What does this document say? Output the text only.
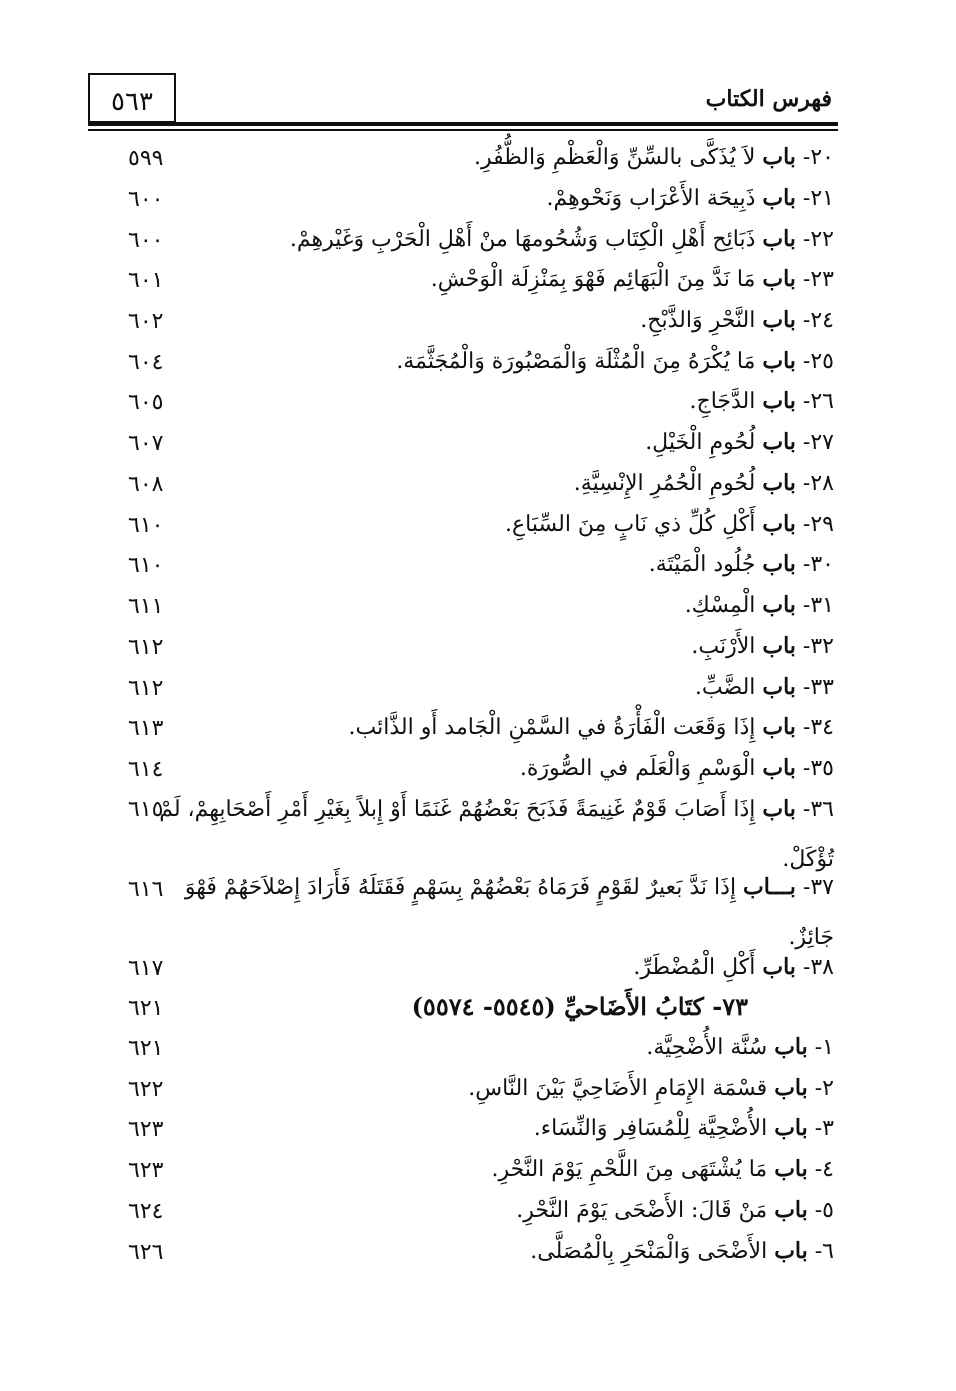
٥٦٣	فهرس الكتاب
٢٠- باب لاَ يُذَكَّى بالسِّنِّ وَالْعَظْمِ وَالظُّفُرِ.
٥٩٩
٢١- باب ذَبِيحَة الأَعْرَاب وَنَحْوهِمْ.
٦٠٠
٢٢- باب ذَبَائِح أَهْلِ الْكِتَاب وَشُحُومهَا منْ أَهْلِ الْحَرْبِ وَغَيْرهِمْ.
٦٠٠
٢٣- باب مَا نَدَّ مِنَ الْبَهَائِم فَهْوَ بِمَنْزِلَة الْوَحْشِ.
٦٠١
٢٤- باب النَّحْرِ وَالذَّبْحِ.
٦٠٢
٢٥- باب مَا يُكْرَهُ مِنَ الْمُثْلَة وَالْمَصْبُورَة وَالْمُجَثَّمَة.
٦٠٤
٢٦- باب الدَّجَاجِ.
٦٠٥
٢٧- باب لُحُومِ الْخَيْلِ.
٦٠٧
٢٨- باب لُحُومِ الْحُمُرِ الإِنْسِيَّةِ.
٦٠٨
٢٩- باب أَكْلِ كُلِّ ذي نَابٍ مِنَ السِّبَاعِ.
٦١٠
٣٠- باب جُلُود الْمَيْتَة.
٦١٠
٣١- باب الْمِسْكِ.
٦١١
٣٢- باب الأَرْنَبِ.
٦١٢
٣٣- باب الضَّبِّ.
٦١٢
٣٤- باب إِذَا وَقَعَت الْفَأْرَةُ في السَّمْنِ الْجَامد أَو الذَّائب.
٦١٣
٣٥- باب الْوَسْمِ وَالْعَلَم في الصُّورَة.
٦١٤
٣٦- باب إِذَا أَصَابَ قَوْمٌ غَنِيمَةً فَذَبَحَ بَعْضُهُمْ غَنَمًا أَوْ إِبلاً بِغَيْرِ أَمْرِ أَصْحَابِهِمْ، لَمْ تُؤْكَلْ.
٦١٥
٣٧- بـــاب إِذَا نَدَّ بَعيرٌ لقَوْمٍ فَرَمَاهُ بَعْضُهُمْ بِسَهْمٍ فَقَتَلَهُ فَأَرَادَ إِصْلاَحَهُمْ فَهْوَ جَائِزٌ.
٦١٦
٣٨- باب أَكْلِ الْمُضْطَرِّ.
٦١٧
٧٣- كتَابُ الأَضَاحيِّ (٥٥٤٥- ٥٥٧٤)
٦٢١
١- باب سُنَّة الأُضْحِيَّة.
٦٢١
٢- باب قسْمَة الإِمَامِ الأَضَاحِيَّ بَيْنَ النَّاسِ.
٦٢٢
٣- باب الأُضْحِيَّة لِلْمُسَافِر وَالنِّسَاء.
٦٢٣
٤- باب مَا يُشْتَهَى مِنَ اللَّحْمِ يَوْمَ النَّحْرِ.
٦٢٣
٥- باب مَنْ قَالَ: الأَضْحَى يَوْمَ النَّحْرِ.
٦٢٤
٦- باب الأَضْحَى وَالْمَنْحَرِ بِالْمُصَلَّى.
٦٢٦
